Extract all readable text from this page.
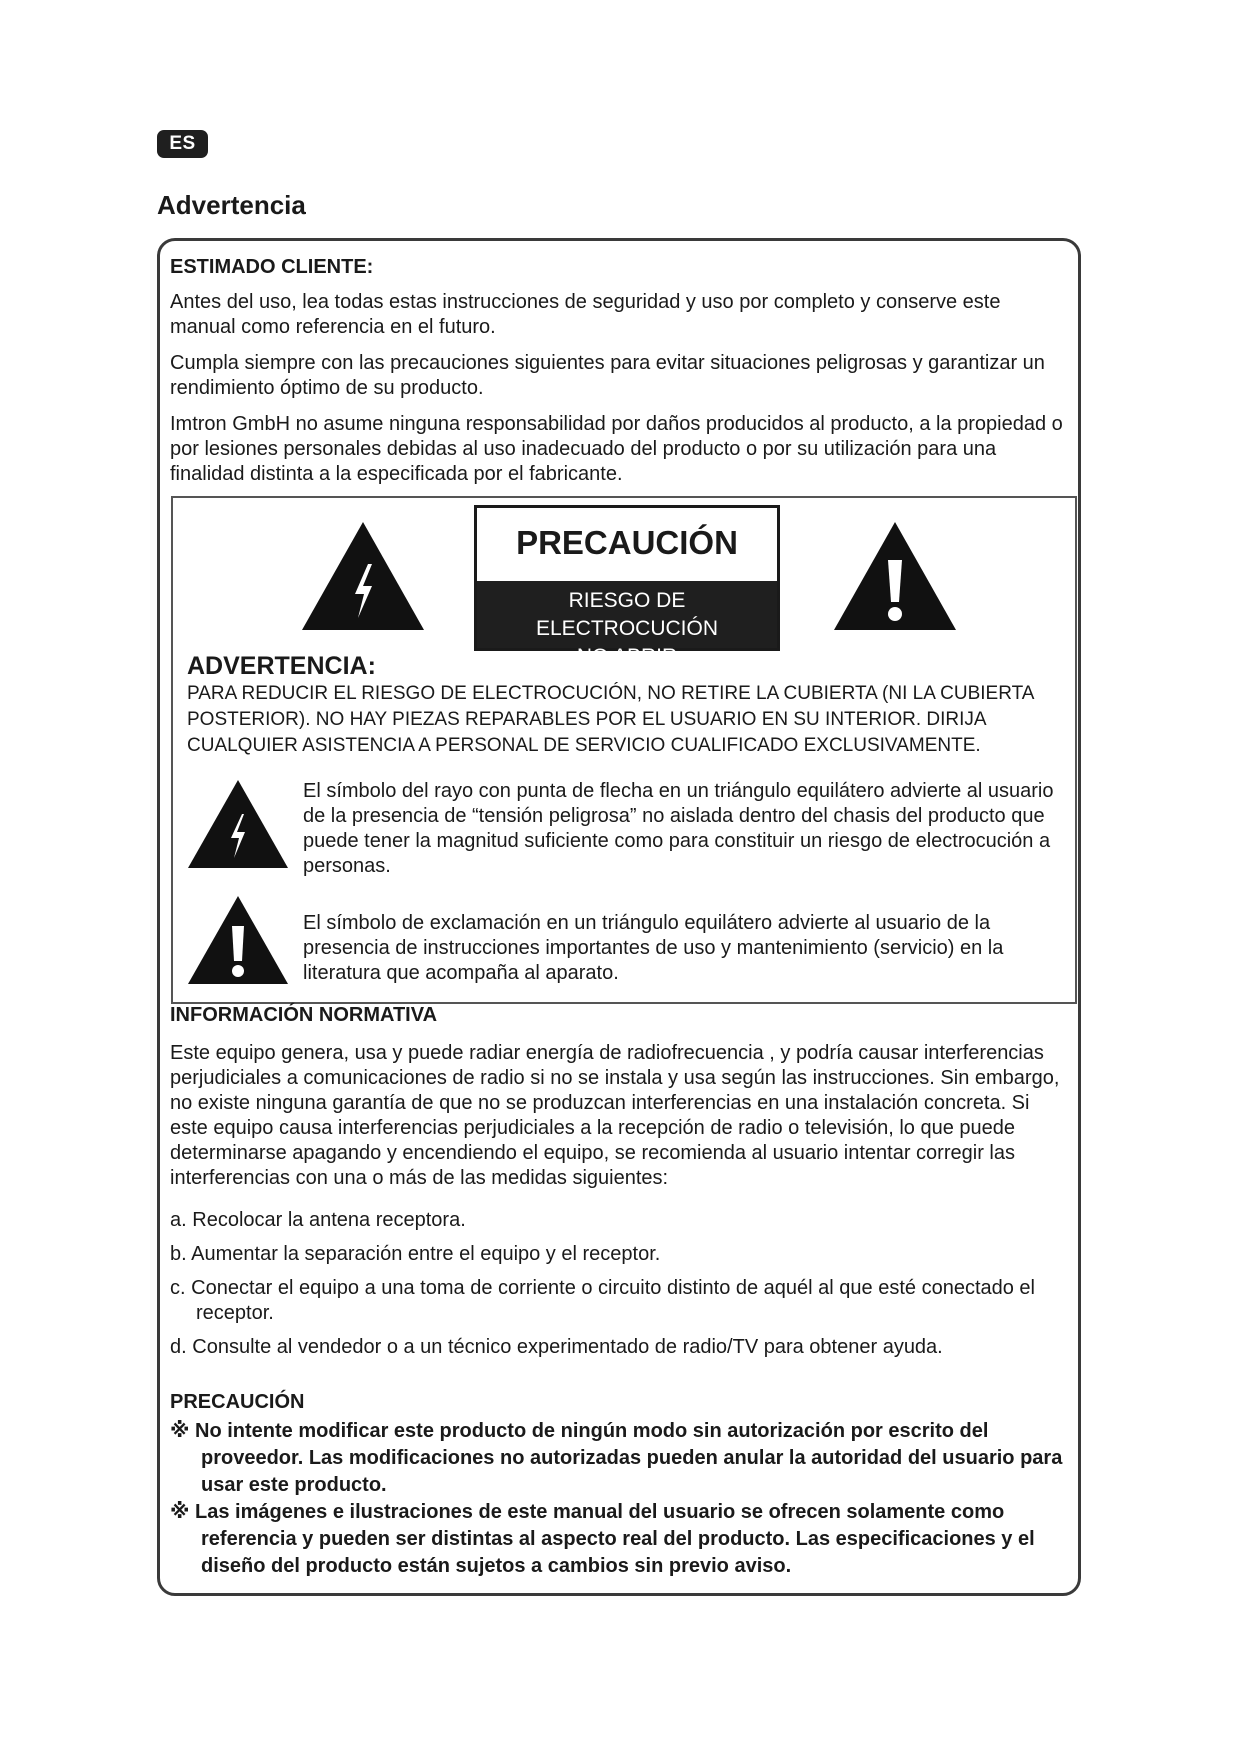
ES
Advertencia

ESTIMADO CLIENTE:

Antes del uso, lea todas estas instrucciones de seguridad y uso por completo y conserve este manual como referencia en el futuro.

Cumpla siempre con las precauciones siguientes para evitar situaciones peligrosas y garantizar un rendimiento óptimo de su producto.

Imtron GmbH no asume ninguna responsabilidad por daños producidos al producto, a la propiedad o por lesiones personales debidas al uso inadecuado del producto o por su utilización para una finalidad distinta a la especificada por el fabricante.

PRECAUCIÓN
RIESGO DE ELECTROCUCIÓN
NO ABRIR

ADVERTENCIA:

PARA REDUCIR EL RIESGO DE ELECTROCUCIÓN, NO RETIRE LA CUBIERTA (NI LA CUBIERTA POSTERIOR). NO HAY PIEZAS REPARABLES POR EL USUARIO EN SU INTERIOR. DIRIJA CUALQUIER ASISTENCIA A PERSONAL DE SERVICIO CUALIFICADO EXCLUSIVAMENTE.

El símbolo del rayo con punta de flecha en un triángulo equilátero advierte al usuario de la presencia de “tensión peligrosa” no aislada dentro del chasis del producto que puede tener la magnitud suficiente como para constituir un riesgo de electrocución a personas.

El símbolo de exclamación en un triángulo equilátero advierte al usuario de la presencia de instrucciones importantes de uso y mantenimiento (servicio) en la literatura que acompaña al aparato.

INFORMACIÓN NORMATIVA

Este equipo genera, usa y puede radiar energía de radiofrecuencia , y podría causar interferencias perjudiciales a comunicaciones de radio si no se instala y usa según las instrucciones. Sin embargo, no existe ninguna garantía de que no se produzcan interferencias en una instalación concreta. Si este equipo causa interferencias perjudiciales a la recepción de radio o televisión, lo que puede determinarse apagando y encendiendo el equipo, se recomienda al usuario intentar corregir las interferencias con una o más de las medidas siguientes:

a. Recolocar la antena receptora.

b. Aumentar la separación entre el equipo y el receptor.

c. Conectar el equipo a una toma de corriente o circuito distinto de aquél al que esté conectado el receptor.

d. Consulte al vendedor o a un técnico experimentado de radio/TV para obtener ayuda.

PRECAUCIÓN

※ No intente modificar este producto de ningún modo sin autorización por escrito del proveedor. Las modificaciones no autorizadas pueden anular la autoridad del usuario para usar este producto.

※ Las imágenes e ilustraciones de este manual del usuario se ofrecen solamente como referencia y pueden ser distintas al aspecto real del producto. Las especificaciones y el diseño del producto están sujetos a cambios sin previo aviso.
